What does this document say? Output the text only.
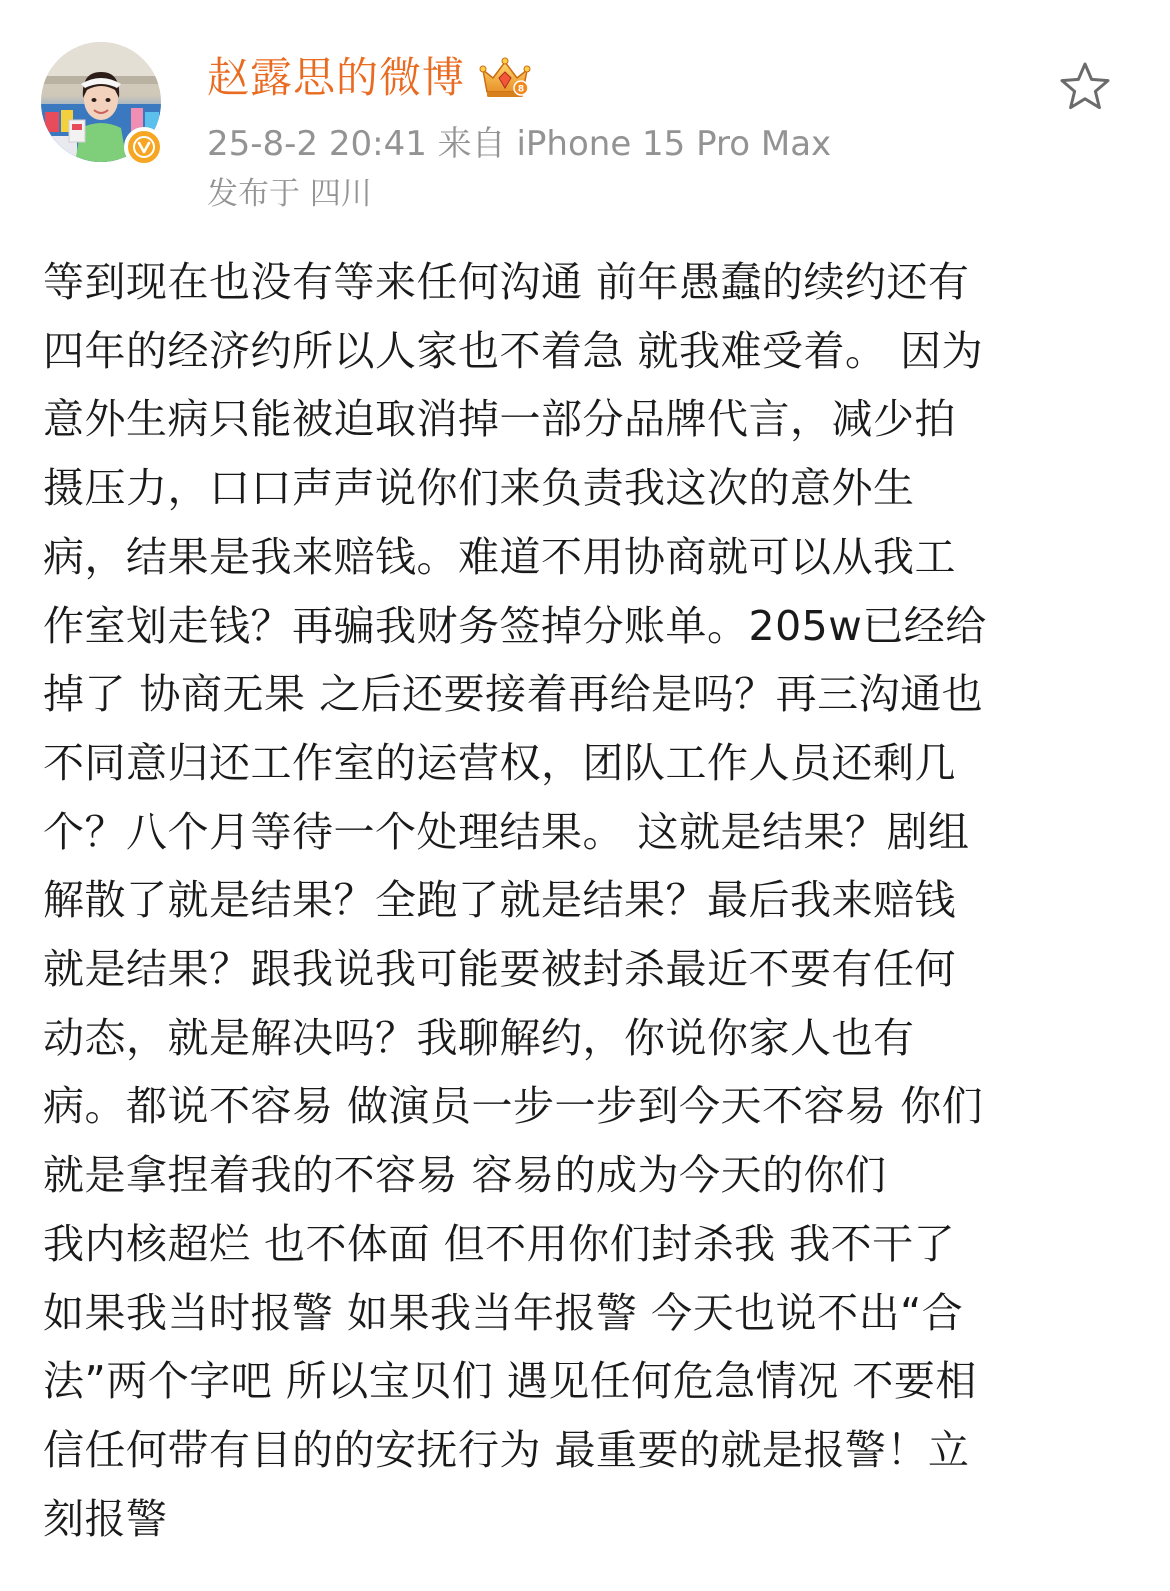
赵露思的微博	8
25-8-2 20:41 来自 iPhone 15 Pro Max
发布于 四川
等到现在也没有等来任何沟通 前年愚蠢的续约还有
四年的经济约所以人家也不着急 就我难受着。 因为
意外生病只能被迫取消掉一部分品牌代言，减少拍
摄压力，口口声声说你们来负责我这次的意外生
病，结果是我来赔钱。难道不用协商就可以从我工
作室划走钱？再骗我财务签掉分账单。205w已经给
掉了 协商无果 之后还要接着再给是吗？再三沟通也
不同意归还工作室的运营权，团队工作人员还剩几
个？八个月等待一个处理结果。 这就是结果？剧组
解散了就是结果？全跑了就是结果？最后我来赔钱
就是结果？跟我说我可能要被封杀最近不要有任何
动态，就是解决吗？我聊解约，你说你家人也有
病。都说不容易 做演员一步一步到今天不容易 你们
就是拿捏着我的不容易 容易的成为今天的你们
我内核超烂 也不体面 但不用你们封杀我 我不干了
如果我当时报警 如果我当年报警 今天也说不出“合
法”两个字吧 所以宝贝们 遇见任何危急情况 不要相
信任何带有目的的安抚行为 最重要的就是报警！立
刻报警
